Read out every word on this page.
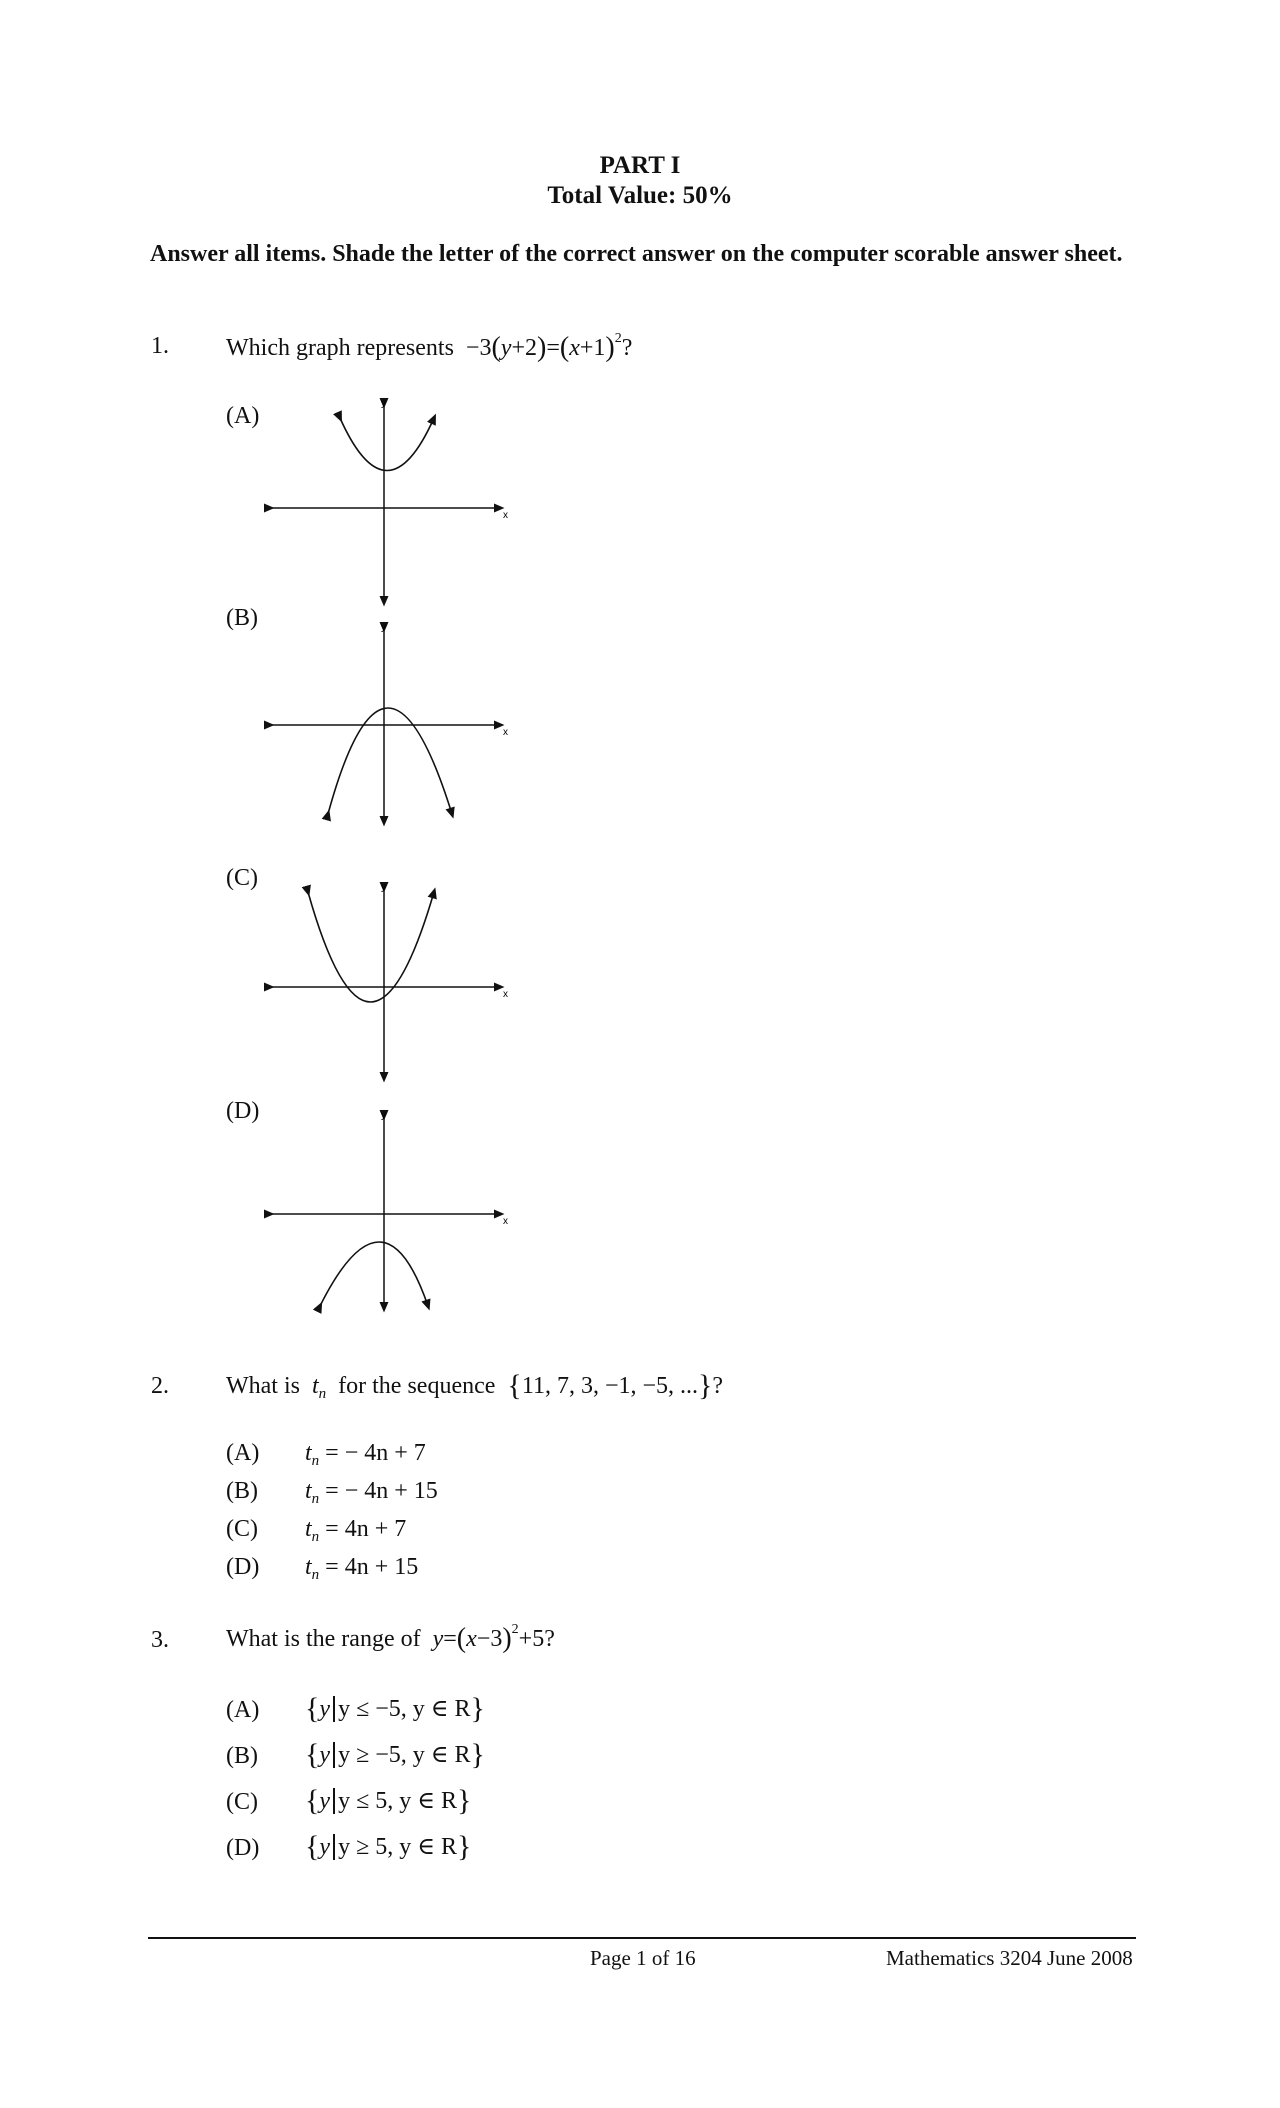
PART I
Total Value: 50%
Answer all items. Shade the letter of the correct answer on the computer scorable answer sheet.
1. Which graph represents  $-3(y+2)=(x+1)^2$?
(A)
(B)
(C)
(D)
x
y
x
y
x
y
x
y
2. What is $t_n$ for the sequence {11, 7, 3, −1, −5, ...}?
(A) $t_n$ = − 4n + 7
(B) $t_n$ = − 4n + 15
(C) $t_n = 4n + 7$
(D) $t_n = 4n + 15$
3. What is the range of $y=(x-3)^2+5$?
(A) {y y ≤ −5, y ∈ R}
(B) {y y ≥ −5, y ∈ R}
(C) {y y ≤ 5, y ∈ R}
(D) {y y ≥ 5, y ∈ R}
Page 1 of 16	Mathematics 3204 June 2008
